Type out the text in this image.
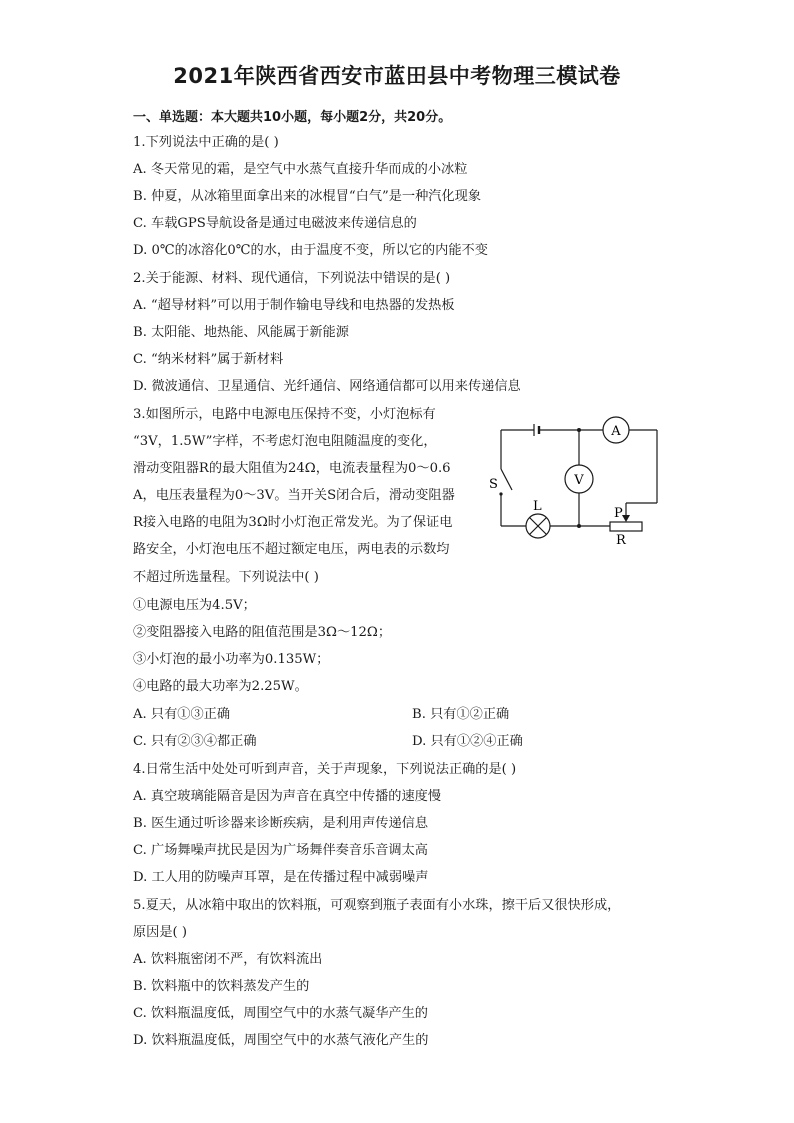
2021年陕西省西安市蓝田县中考物理三模试卷
一、单选题：本大题共10小题，每小题2分，共20分。
1.下列说法中正确的是( )
A. 冬天常见的霜，是空气中水蒸气直接升华而成的小冰粒
B. 仲夏，从冰箱里面拿出来的冰棍冒“白气”是一种汽化现象
C. 车载GPS导航设备是通过电磁波来传递信息的
D. 0℃的冰溶化0℃的水，由于温度不变，所以它的内能不变
2.关于能源、材料、现代通信，下列说法中错误的是( )
A. “超导材料”可以用于制作输电导线和电热器的发热板
B. 太阳能、地热能、风能属于新能源
C. “纳米材料”属于新材料
D. 微波通信、卫星通信、光纤通信、网络通信都可以用来传递信息
3.如图所示，电路中电源电压保持不变，小灯泡标有
“3V，1.5W”字样，不考虑灯泡电阻随温度的变化，
滑动变阻器R的最大阻值为24Ω，电流表量程为0～0.6
A，电压表量程为0～3V。当开关S闭合后，滑动变阻器
R接入电路的电阻为3Ω时小灯泡正常发光。为了保证电
路安全，小灯泡电压不超过额定电压，两电表的示数均
不超过所选量程。下列说法中( )
①电源电压为4.5V；
②变阻器接入电路的阻值范围是3Ω～12Ω；
③小灯泡的最小功率为0.135W；
④电路的最大功率为2.25W。
A. 只有①③正确	B. 只有①②正确
C. 只有②③④都正确	D. 只有①②④正确
4.日常生活中处处可听到声音，关于声现象，下列说法正确的是( )
A. 真空玻璃能隔音是因为声音在真空中传播的速度慢
B. 医生通过听诊器来诊断疾病，是利用声传递信息
C. 广场舞噪声扰民是因为广场舞伴奏音乐音调太高
D. 工人用的防噪声耳罩，是在传播过程中减弱噪声
5.夏天，从冰箱中取出的饮料瓶，可观察到瓶子表面有小水珠，擦干后又很快形成，
原因是( )
A. 饮料瓶密闭不严，有饮料流出
B. 饮料瓶中的饮料蒸发产生的
C. 饮料瓶温度低，周围空气中的水蒸气凝华产生的
D. 饮料瓶温度低，周围空气中的水蒸气液化产生的
A
V
S
L	P
R
